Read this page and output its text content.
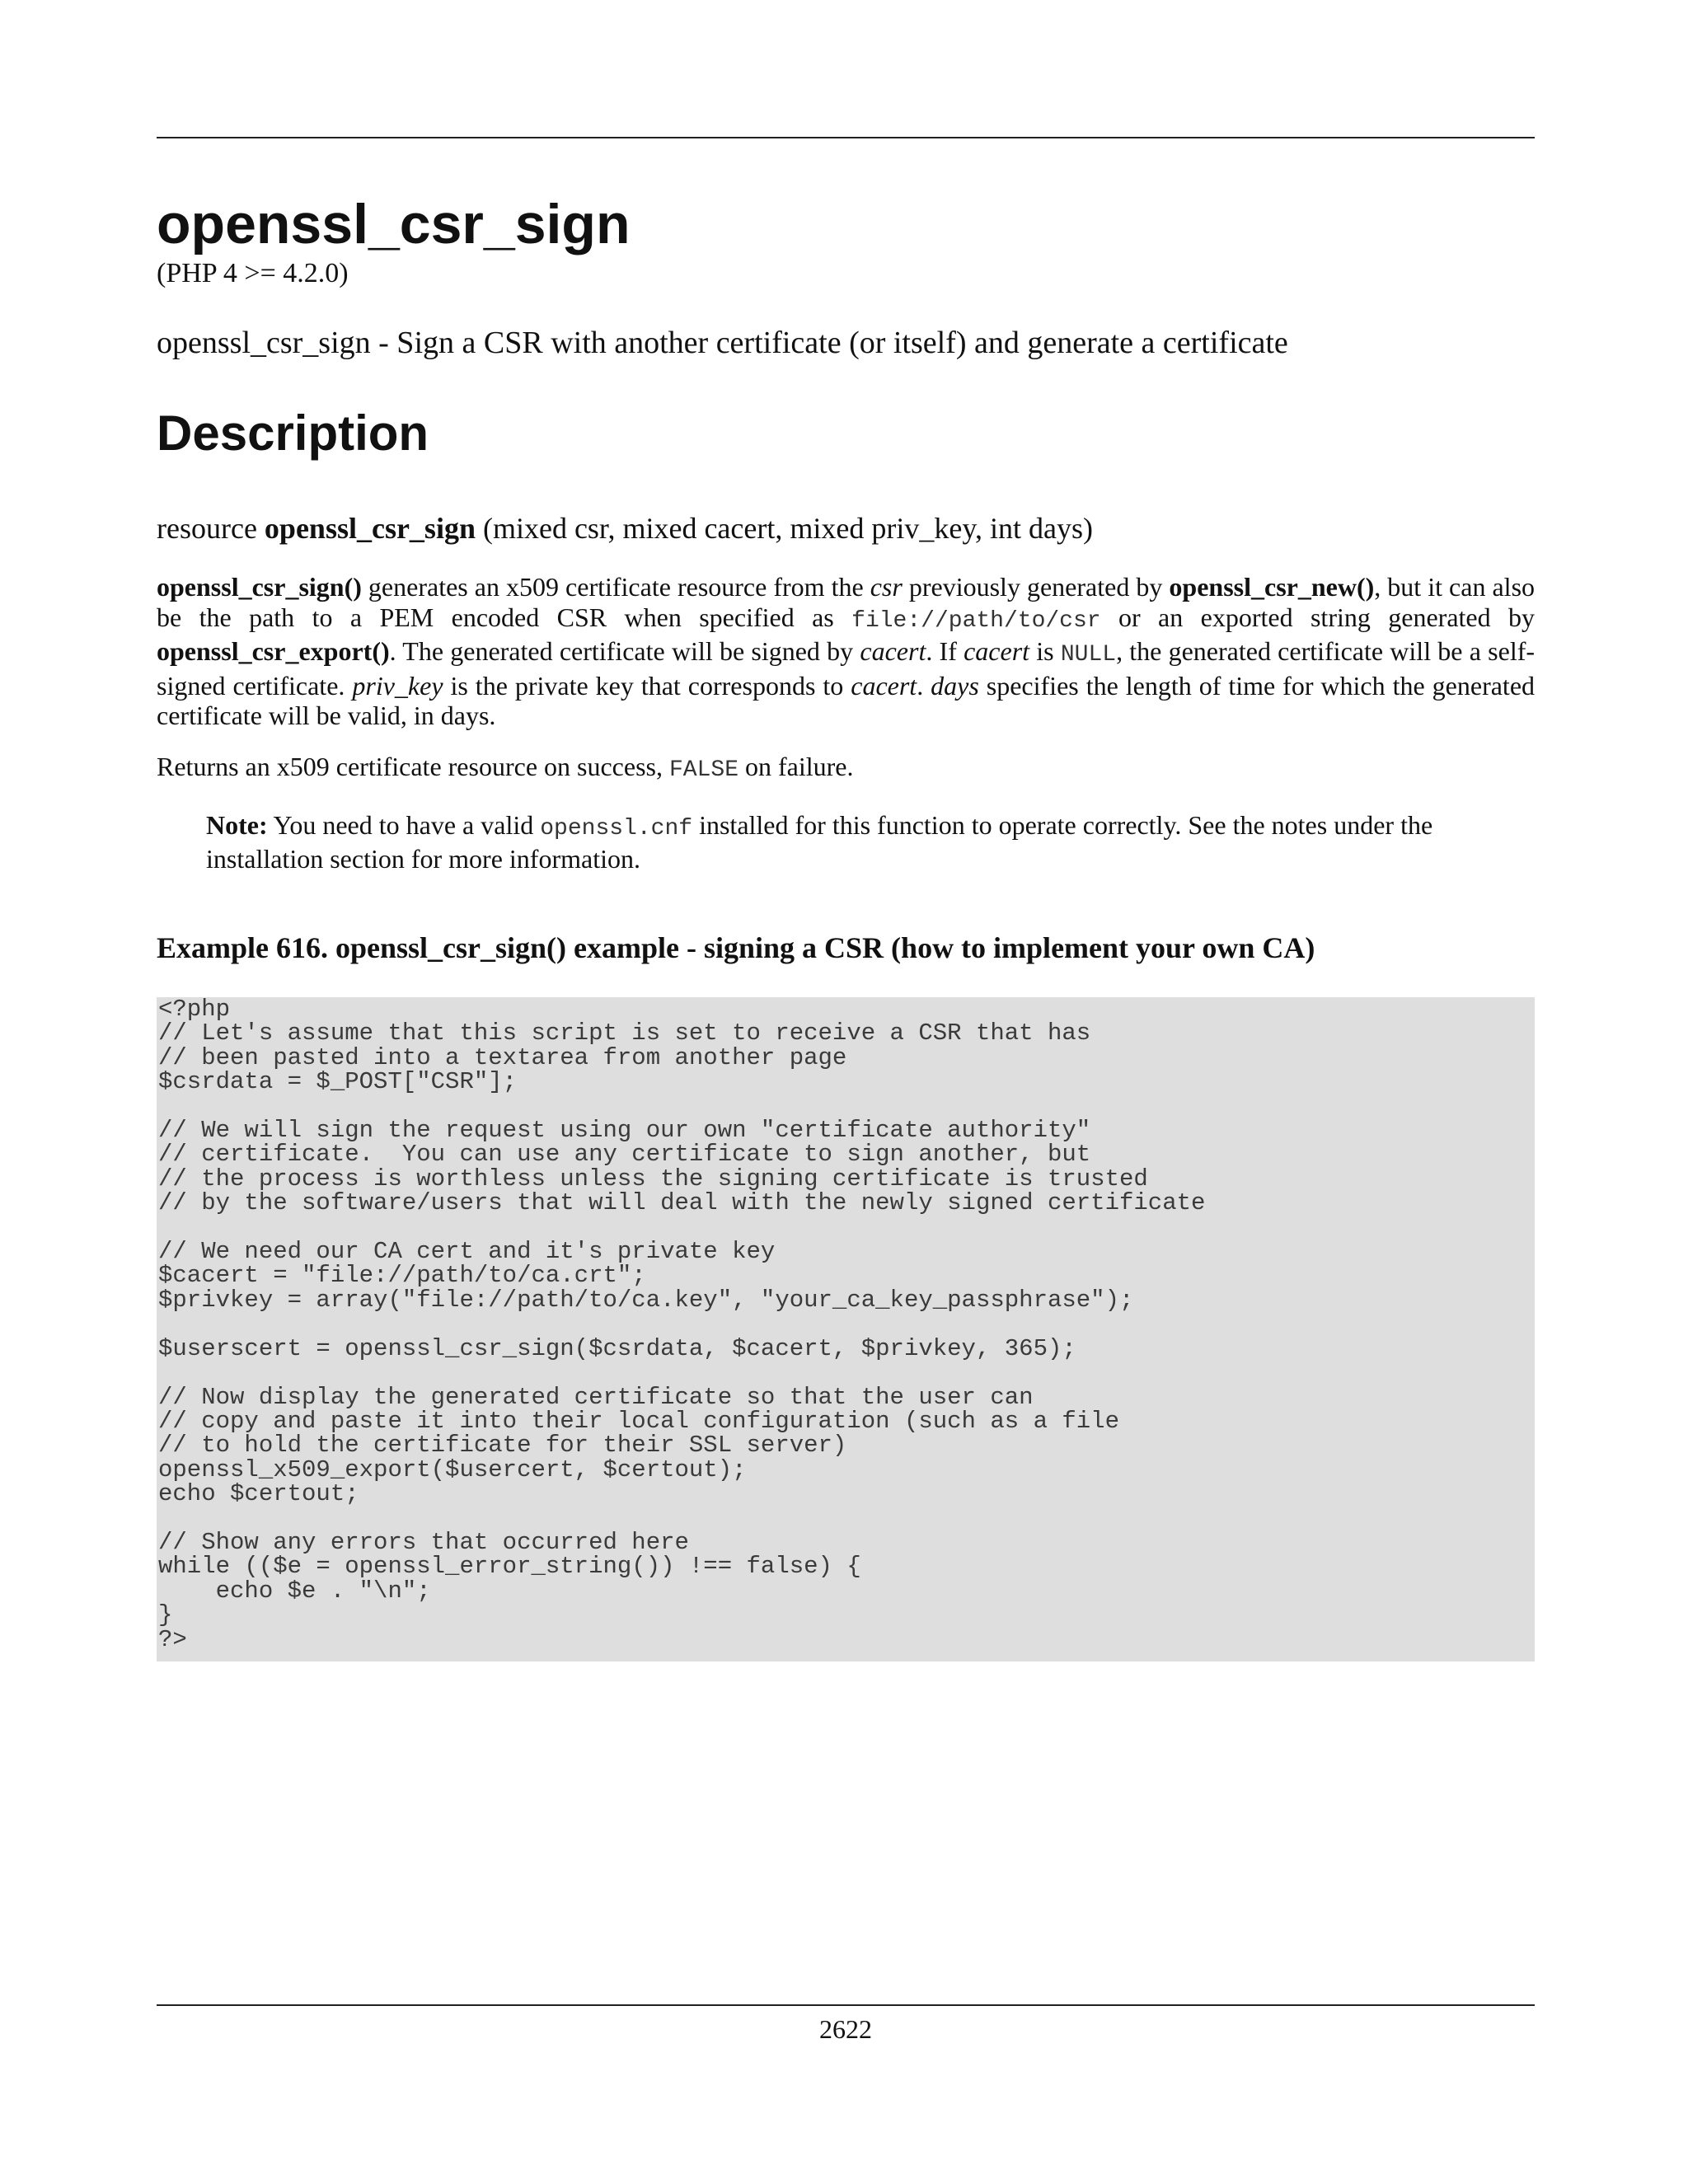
openssl_csr_sign
(PHP 4 >= 4.2.0)
openssl_csr_sign - Sign a CSR with another certificate (or itself) and generate a certificate
Description
resource openssl_csr_sign (mixed csr, mixed cacert, mixed priv_key, int days)
openssl_csr_sign() generates an x509 certificate resource from the csr previously generated by openssl_csr_new(), but it can also be the path to a PEM encoded CSR when specified as file://path/to/csr or an exported string generated by openssl_csr_export(). The generated certificate will be signed by cacert. If cacert is NULL, the generated certificate will be a self-signed certificate. priv_key is the private key that corresponds to cacert. days specifies the length of time for which the generated certificate will be valid, in days.
Returns an x509 certificate resource on success, FALSE on failure.
Note: You need to have a valid openssl.cnf installed for this function to operate correctly. See the notes under the installation section for more information.
Example 616. openssl_csr_sign() example - signing a CSR (how to implement your own CA)
<?php
// Let's assume that this script is set to receive a CSR that has
// been pasted into a textarea from another page
$csrdata = $_POST["CSR"];

// We will sign the request using our own "certificate authority"
// certificate.  You can use any certificate to sign another, but
// the process is worthless unless the signing certificate is trusted
// by the software/users that will deal with the newly signed certificate

// We need our CA cert and it's private key
$cacert = "file://path/to/ca.crt";
$privkey = array("file://path/to/ca.key", "your_ca_key_passphrase");

$userscert = openssl_csr_sign($csrdata, $cacert, $privkey, 365);

// Now display the generated certificate so that the user can
// copy and paste it into their local configuration (such as a file
// to hold the certificate for their SSL server)
openssl_x509_export($usercert, $certout);
echo $certout;

// Show any errors that occurred here
while (($e = openssl_error_string()) !== false) {
echo $e . "\n";
}
?>
2622
